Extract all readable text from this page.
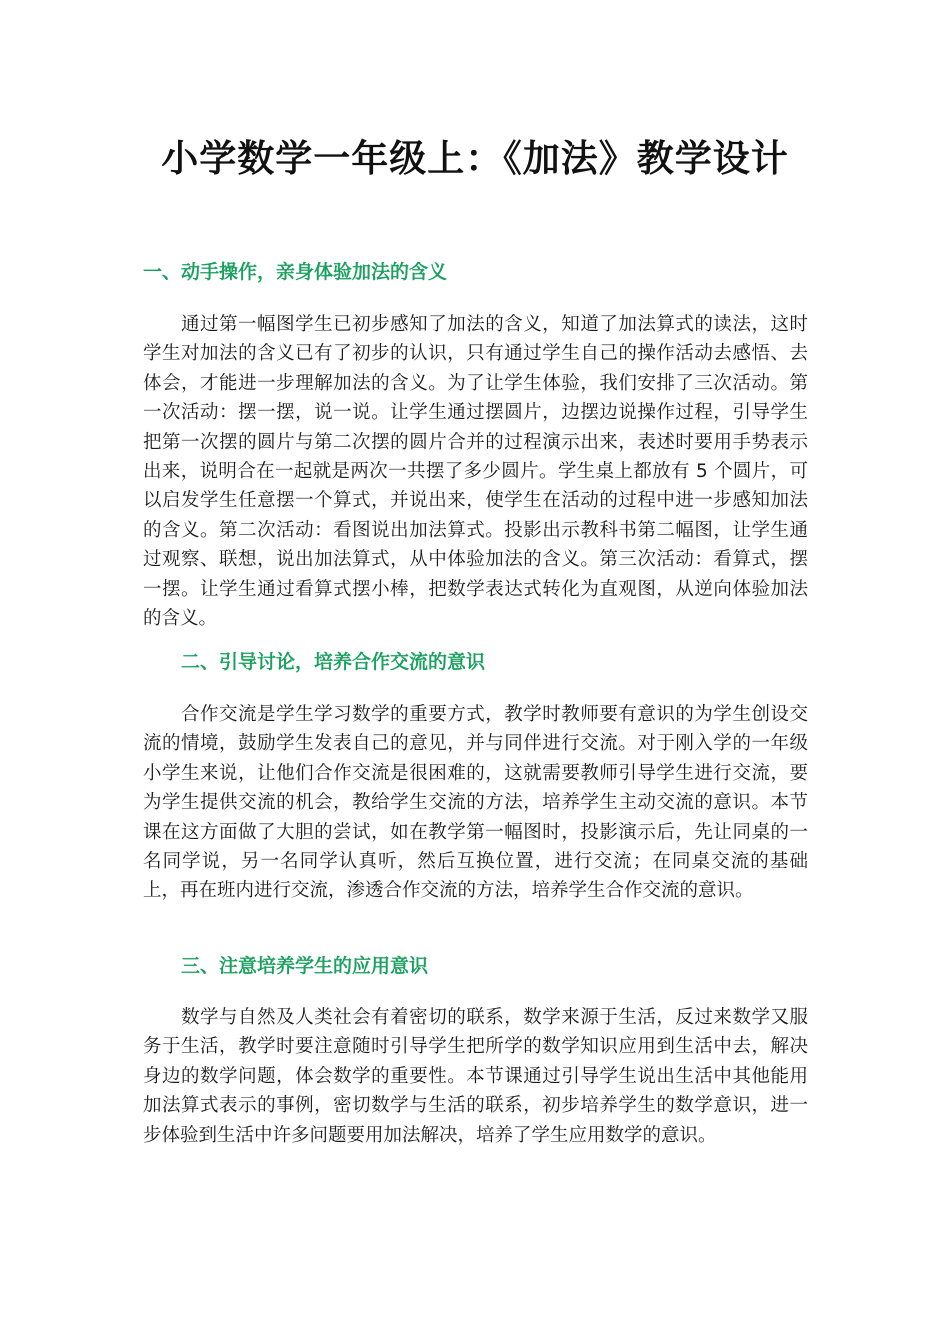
小学数学一年级上：《加法》教学设计
一、动手操作，亲身体验加法的含义

通过第一幅图学生已初步感知了加法的含义，知道了加法算式的读法，这时学生对加法的含义已有了初步的认识，只有通过学生自己的操作活动去感悟、去体会，才能进一步理解加法的含义。为了让学生体验，我们安排了三次活动。第一次活动：摆一摆，说一说。让学生通过摆圆片，边摆边说操作过程，引导学生把第一次摆的圆片与第二次摆的圆片合并的过程演示出来，表述时要用手势表示出来，说明合在一起就是两次一共摆了多少圆片。学生桌上都放有 5 个圆片，可以启发学生任意摆一个算式，并说出来，使学生在活动的过程中进一步感知加法的含义。第二次活动：看图说出加法算式。投影出示教科书第二幅图，让学生通过观察、联想，说出加法算式，从中体验加法的含义。第三次活动：看算式，摆一摆。让学生通过看算式摆小棒，把数学表达式转化为直观图，从逆向体验加法的含义。

二、引导讨论，培养合作交流的意识

合作交流是学生学习数学的重要方式，教学时教师要有意识的为学生创设交流的情境，鼓励学生发表自己的意见，并与同伴进行交流。对于刚入学的一年级小学生来说，让他们合作交流是很困难的，这就需要教师引导学生进行交流，要为学生提供交流的机会，教给学生交流的方法，培养学生主动交流的意识。本节课在这方面做了大胆的尝试，如在教学第一幅图时，投影演示后，先让同桌的一名同学说，另一名同学认真听，然后互换位置，进行交流；在同桌交流的基础上，再在班内进行交流，渗透合作交流的方法，培养学生合作交流的意识。

三、注意培养学生的应用意识

数学与自然及人类社会有着密切的联系，数学来源于生活，反过来数学又服务于生活，教学时要注意随时引导学生把所学的数学知识应用到生活中去，解决身边的数学问题，体会数学的重要性。本节课通过引导学生说出生活中其他能用加法算式表示的事例，密切数学与生活的联系，初步培养学生的数学意识，进一步体验到生活中许多问题要用加法解决，培养了学生应用数学的意识。
